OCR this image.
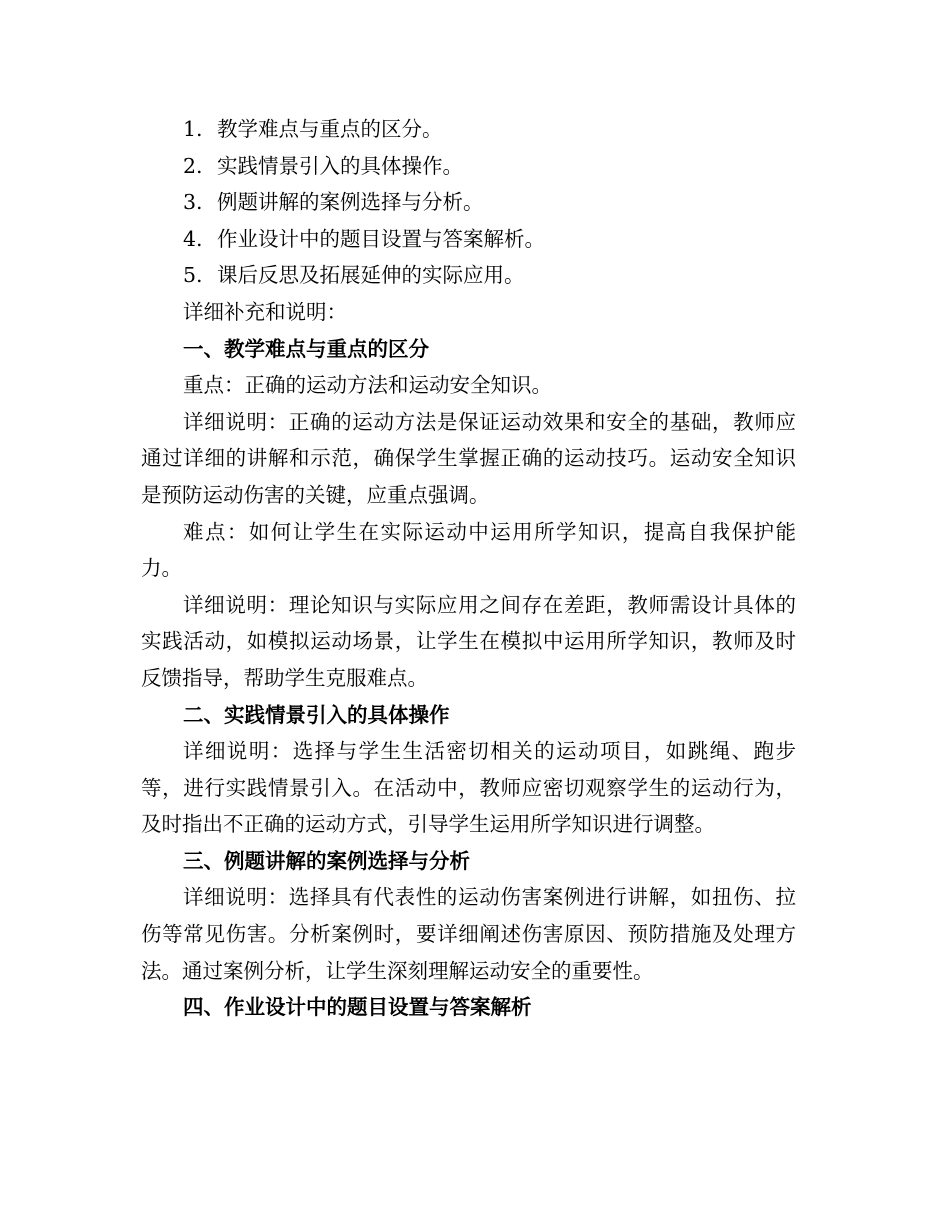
1. 教学难点与重点的区分。
2. 实践情景引入的具体操作。
3. 例题讲解的案例选择与分析。
4. 作业设计中的题目设置与答案解析。
5. 课后反思及拓展延伸的实际应用。

详细补充和说明：

一、教学难点与重点的区分

重点：正确的运动方法和运动安全知识。

详细说明：正确的运动方法是保证运动效果和安全的基础，教师应通过详细的讲解和示范，确保学生掌握正确的运动技巧。运动安全知识是预防运动伤害的关键，应重点强调。

难点：如何让学生在实际运动中运用所学知识，提高自我保护能力。

详细说明：理论知识与实际应用之间存在差距，教师需设计具体的实践活动，如模拟运动场景，让学生在模拟中运用所学知识，教师及时反馈指导，帮助学生克服难点。

二、实践情景引入的具体操作

详细说明：选择与学生生活密切相关的运动项目，如跳绳、跑步等，进行实践情景引入。在活动中，教师应密切观察学生的运动行为，及时指出不正确的运动方式，引导学生运用所学知识进行调整。

三、例题讲解的案例选择与分析

详细说明：选择具有代表性的运动伤害案例进行讲解，如扭伤、拉伤等常见伤害。分析案例时，要详细阐述伤害原因、预防措施及处理方法。通过案例分析，让学生深刻理解运动安全的重要性。

四、作业设计中的题目设置与答案解析
